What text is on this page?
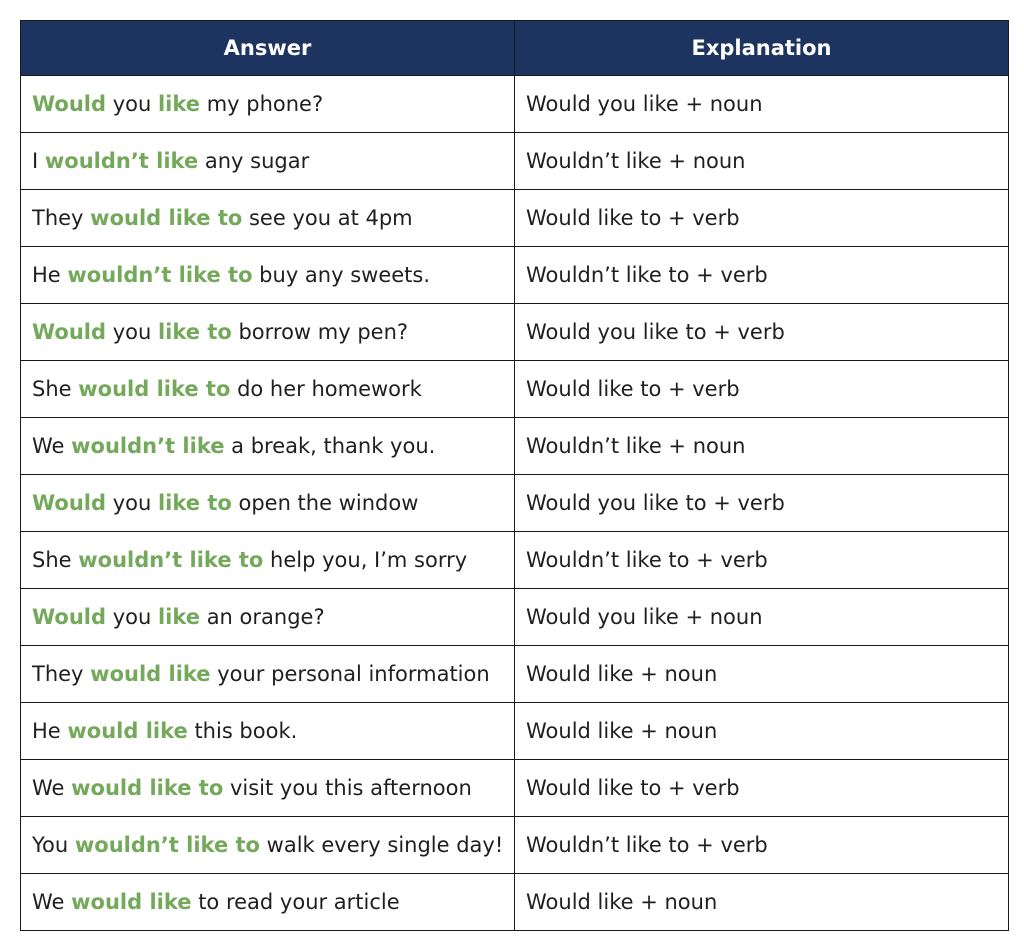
Answer	Explanation
Would you like my phone?	Would you like + noun
I wouldn’t like any sugar	Wouldn’t like + noun
They would like to see you at 4pm	Would like to + verb
He wouldn’t like to buy any sweets.	Wouldn’t like to + verb
Would you like to borrow my pen?	Would you like to + verb
She would like to do her homework	Would like to + verb
We wouldn’t like a break, thank you.	Wouldn’t like + noun
Would you like to open the window	Would you like to + verb
She wouldn’t like to help you, I’m sorry	Wouldn’t like to + verb
Would you like an orange?	Would you like + noun
They would like your personal information	Would like + noun
He would like this book.	Would like + noun
We would like to visit you this afternoon	Would like to + verb
You wouldn’t like to walk every single day!	Wouldn’t like to + verb
We would like to read your article	Would like + noun
